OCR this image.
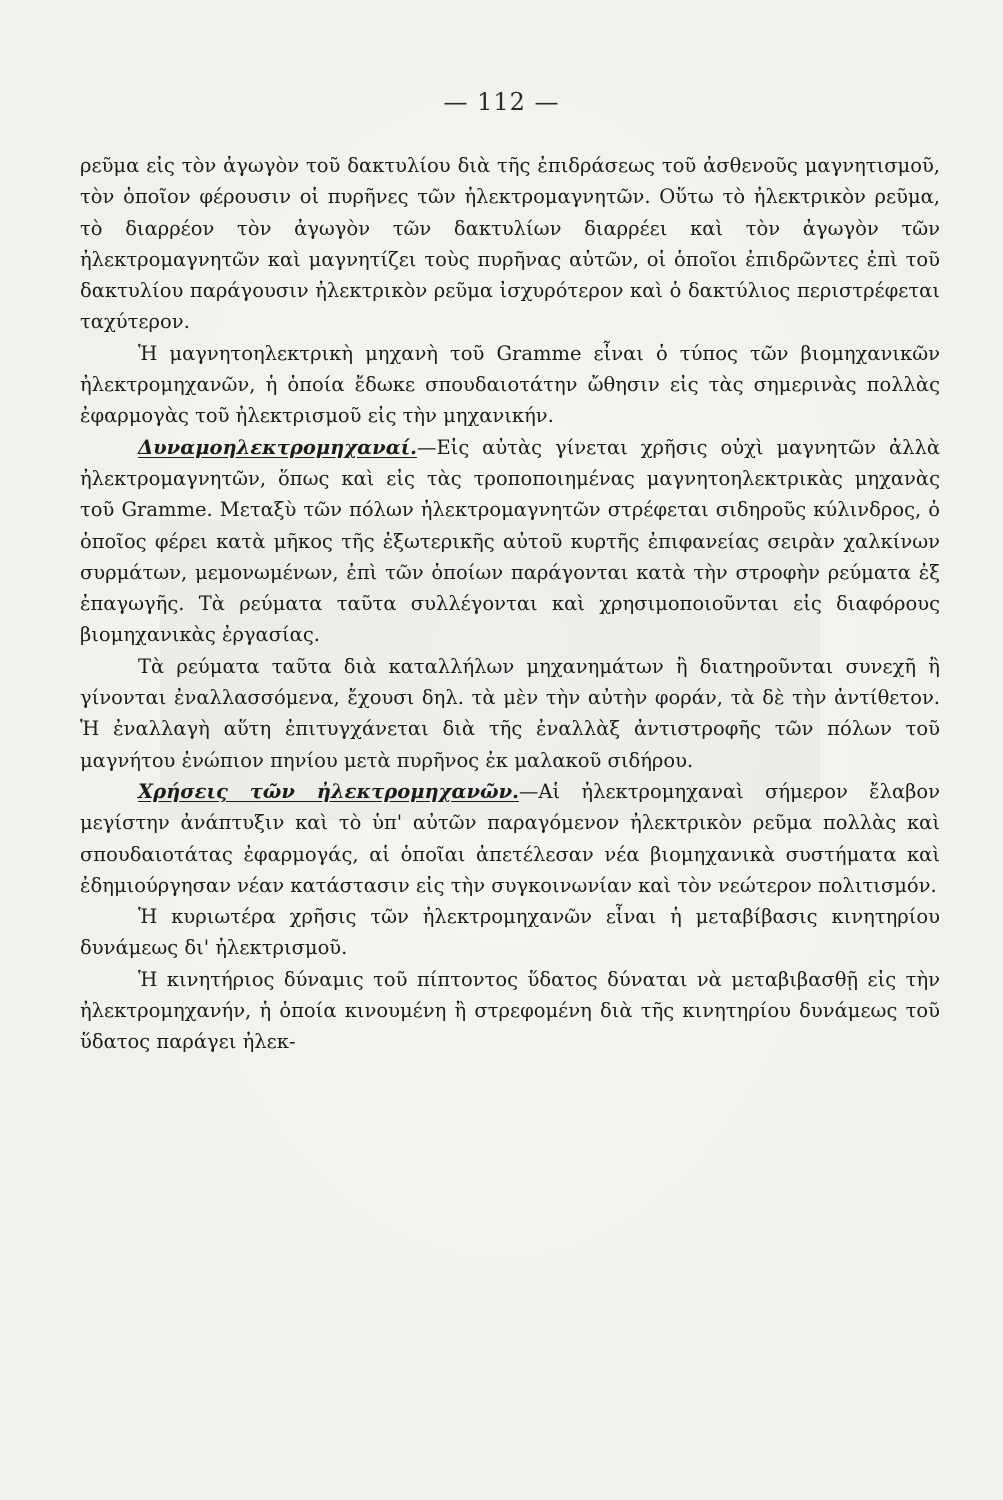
— 112 —

ρεῦμα εἰς τὸν ἀγωγὸν τοῦ δακτυλίου διὰ τῆς ἐπιδράσεως τοῦ ἀσθενοῦς μαγνητισμοῦ, τὸν ὁποῖον φέρουσιν οἱ πυρῆνες τῶν ἠλεκτρομαγνητῶν. Οὕτω τὸ ἠλεκτρικὸν ρεῦμα, τὸ διαρρέον τὸν ἀγωγὸν τῶν δακτυλίων διαρρέει καὶ τὸν ἀγωγὸν τῶν ἠλεκτρομαγνητῶν καὶ μαγνητίζει τοὺς πυρῆνας αὐτῶν, οἱ ὁποῖοι ἐπιδρῶντες ἐπὶ τοῦ δακτυλίου παράγουσιν ἠλεκτρικὸν ρεῦμα ἰσχυρότερον καὶ ὁ δακτύλιος περιστρέφεται ταχύτερον.

Ἡ μαγνητοηλεκτρικὴ μηχανὴ τοῦ Gramme εἶναι ὁ τύπος τῶν βιομηχανικῶν ἠλεκτρομηχανῶν, ἡ ὁποία ἔδωκε σπουδαιοτάτην ὤθησιν εἰς τὰς σημερινὰς πολλὰς ἐφαρμογὰς τοῦ ἠλεκτρισμοῦ εἰς τὴν μηχανικήν.

Δυναμοηλεκτρομηχαναί.—Εἰς αὐτὰς γίνεται χρῆσις οὐχὶ μαγνητῶν ἀλλὰ ἠλεκτρομαγνητῶν, ὅπως καὶ εἰς τὰς τροποποιημένας μαγνητοηλεκτρικὰς μηχανὰς τοῦ Gramme. Μεταξὺ τῶν πόλων ἠλεκτρομαγνητῶν στρέφεται σιδηροῦς κύλινδρος, ὁ ὁποῖος φέρει κατὰ μῆκος τῆς ἐξωτερικῆς αὐτοῦ κυρτῆς ἐπιφανείας σειρὰν χαλκίνων συρμάτων, μεμονωμένων, ἐπὶ τῶν ὁποίων παράγονται κατὰ τὴν στροφὴν ρεύματα ἐξ ἐπαγωγῆς. Τὰ ρεύματα ταῦτα συλλέγονται καὶ χρησιμοποιοῦνται εἰς διαφόρους βιομηχανικὰς ἐργασίας.

Τὰ ρεύματα ταῦτα διὰ καταλλήλων μηχανημάτων ἢ διατηροῦνται συνεχῆ ἢ γίνονται ἐναλλασσόμενα, ἔχουσι δηλ. τὰ μὲν τὴν αὐτὴν φοράν, τὰ δὲ τὴν ἀντίθετον. Ἡ ἐναλλαγὴ αὕτη ἐπιτυγχάνεται διὰ τῆς ἐναλλὰξ ἀντιστροφῆς τῶν πόλων τοῦ μαγνήτου ἐνώπιον πηνίου μετὰ πυρῆνος ἐκ μαλακοῦ σιδήρου.

Χρήσεις τῶν ἠλεκτρομηχανῶν.—Αἱ ἠλεκτρομηχαναὶ σήμερον ἔλαβον μεγίστην ἀνάπτυξιν καὶ τὸ ὑπ' αὐτῶν παραγόμενον ἠλεκτρικὸν ρεῦμα πολλὰς καὶ σπουδαιοτάτας ἐφαρμογάς, αἱ ὁποῖαι ἀπετέλεσαν νέα βιομηχανικὰ συστήματα καὶ ἐδημιούργησαν νέαν κατάστασιν εἰς τὴν συγκοινωνίαν καὶ τὸν νεώτερον πολιτισμόν.

Ἡ κυριωτέρα χρῆσις τῶν ἠλεκτρομηχανῶν εἶναι ἡ μεταβίβασις κινητηρίου δυνάμεως δι' ἠλεκτρισμοῦ.

Ἡ κινητήριος δύναμις τοῦ πίπτοντος ὕδατος δύναται νὰ μεταβιβασθῇ εἰς τὴν ἠλεκτρομηχανήν, ἡ ὁποία κινουμένη ἢ στρεφομένη διὰ τῆς κινητηρίου δυνάμεως τοῦ ὕδατος παράγει ἠλεκ-
